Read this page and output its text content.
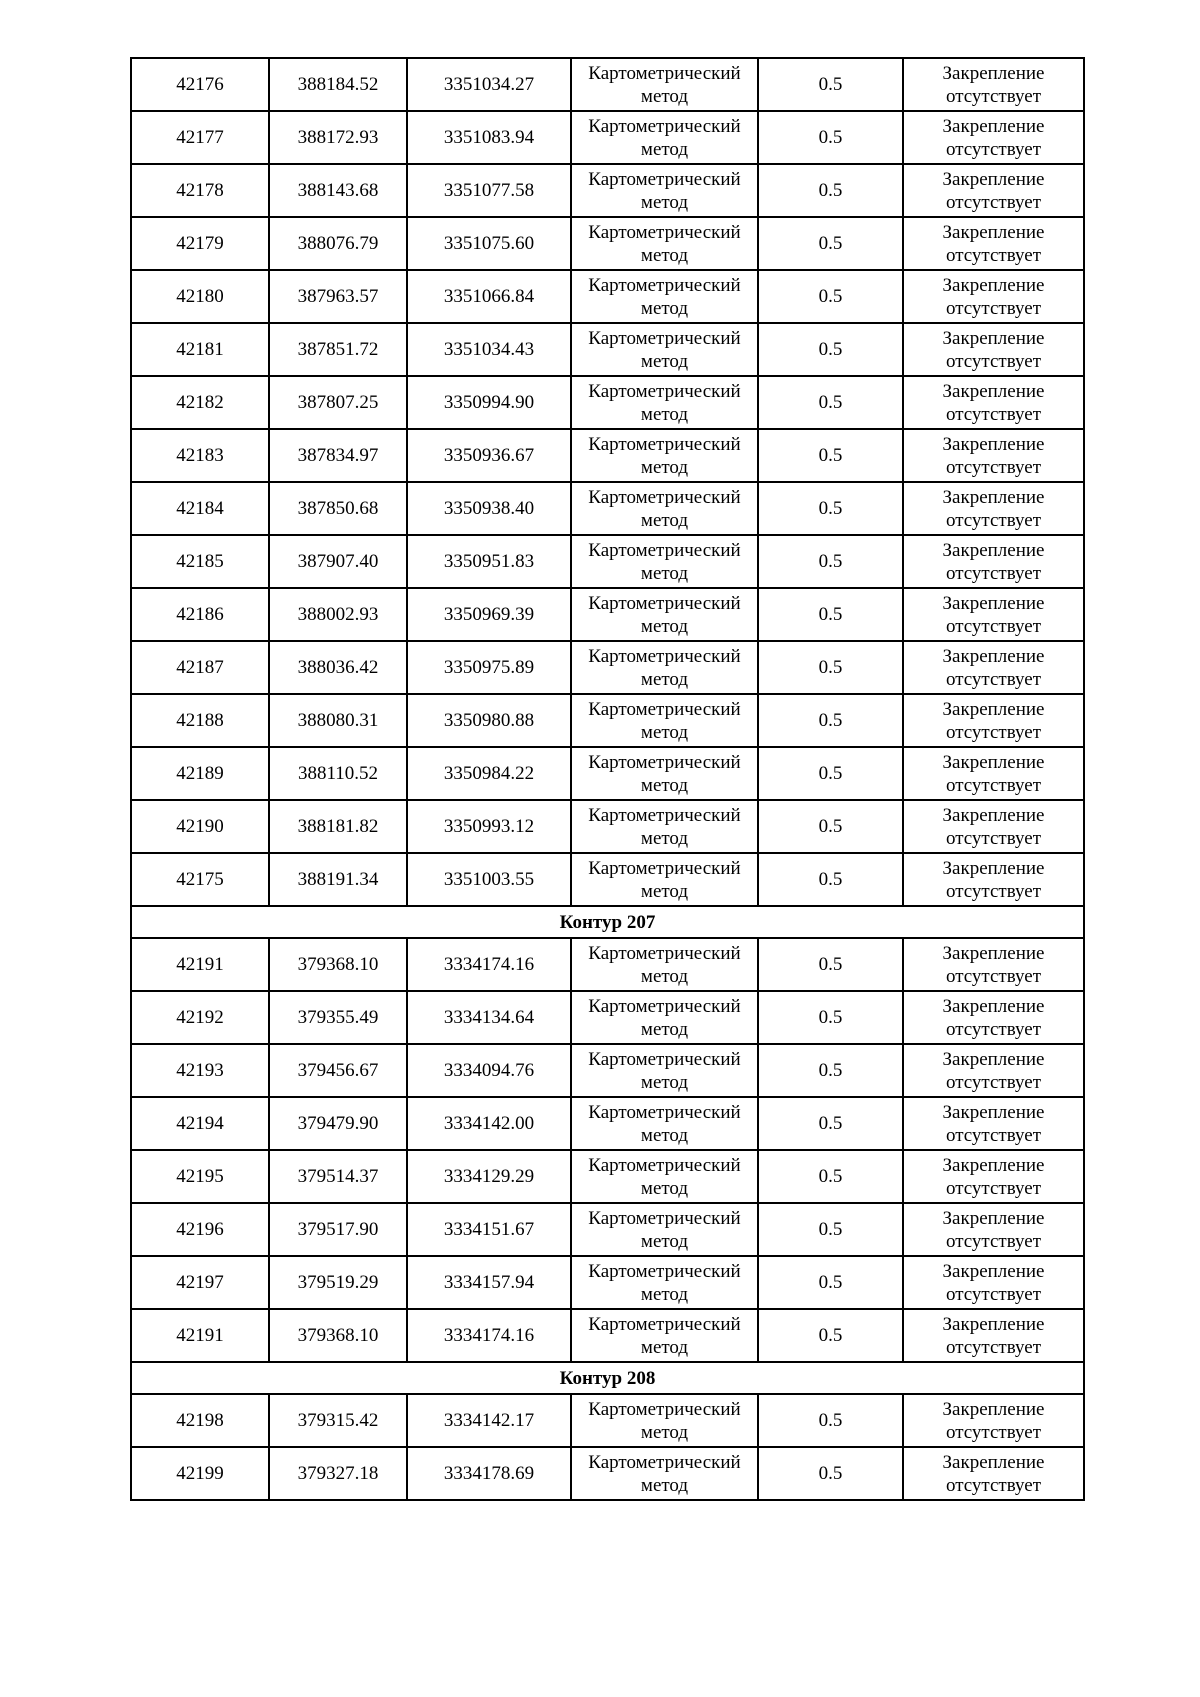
42176	388184.52	3351034.27	Картометрический метод	0.5	Закрепление отсутствует
42177	388172.93	3351083.94	Картометрический метод	0.5	Закрепление отсутствует
42178	388143.68	3351077.58	Картометрический метод	0.5	Закрепление отсутствует
42179	388076.79	3351075.60	Картометрический метод	0.5	Закрепление отсутствует
42180	387963.57	3351066.84	Картометрический метод	0.5	Закрепление отсутствует
42181	387851.72	3351034.43	Картометрический метод	0.5	Закрепление отсутствует
42182	387807.25	3350994.90	Картометрический метод	0.5	Закрепление отсутствует
42183	387834.97	3350936.67	Картометрический метод	0.5	Закрепление отсутствует
42184	387850.68	3350938.40	Картометрический метод	0.5	Закрепление отсутствует
42185	387907.40	3350951.83	Картометрический метод	0.5	Закрепление отсутствует
42186	388002.93	3350969.39	Картометрический метод	0.5	Закрепление отсутствует
42187	388036.42	3350975.89	Картометрический метод	0.5	Закрепление отсутствует
42188	388080.31	3350980.88	Картометрический метод	0.5	Закрепление отсутствует
42189	388110.52	3350984.22	Картометрический метод	0.5	Закрепление отсутствует
42190	388181.82	3350993.12	Картометрический метод	0.5	Закрепление отсутствует
42175	388191.34	3351003.55	Картометрический метод	0.5	Закрепление отсутствует
Контур 207					
42191	379368.10	3334174.16	Картометрический метод	0.5	Закрепление отсутствует
42192	379355.49	3334134.64	Картометрический метод	0.5	Закрепление отсутствует
42193	379456.67	3334094.76	Картометрический метод	0.5	Закрепление отсутствует
42194	379479.90	3334142.00	Картометрический метод	0.5	Закрепление отсутствует
42195	379514.37	3334129.29	Картометрический метод	0.5	Закрепление отсутствует
42196	379517.90	3334151.67	Картометрический метод	0.5	Закрепление отсутствует
42197	379519.29	3334157.94	Картометрический метод	0.5	Закрепление отсутствует
42191	379368.10	3334174.16	Картометрический метод	0.5	Закрепление отсутствует
Контур 208					
42198	379315.42	3334142.17	Картометрический метод	0.5	Закрепление отсутствует
42199	379327.18	3334178.69	Картометрический метод	0.5	Закрепление отсутствует
